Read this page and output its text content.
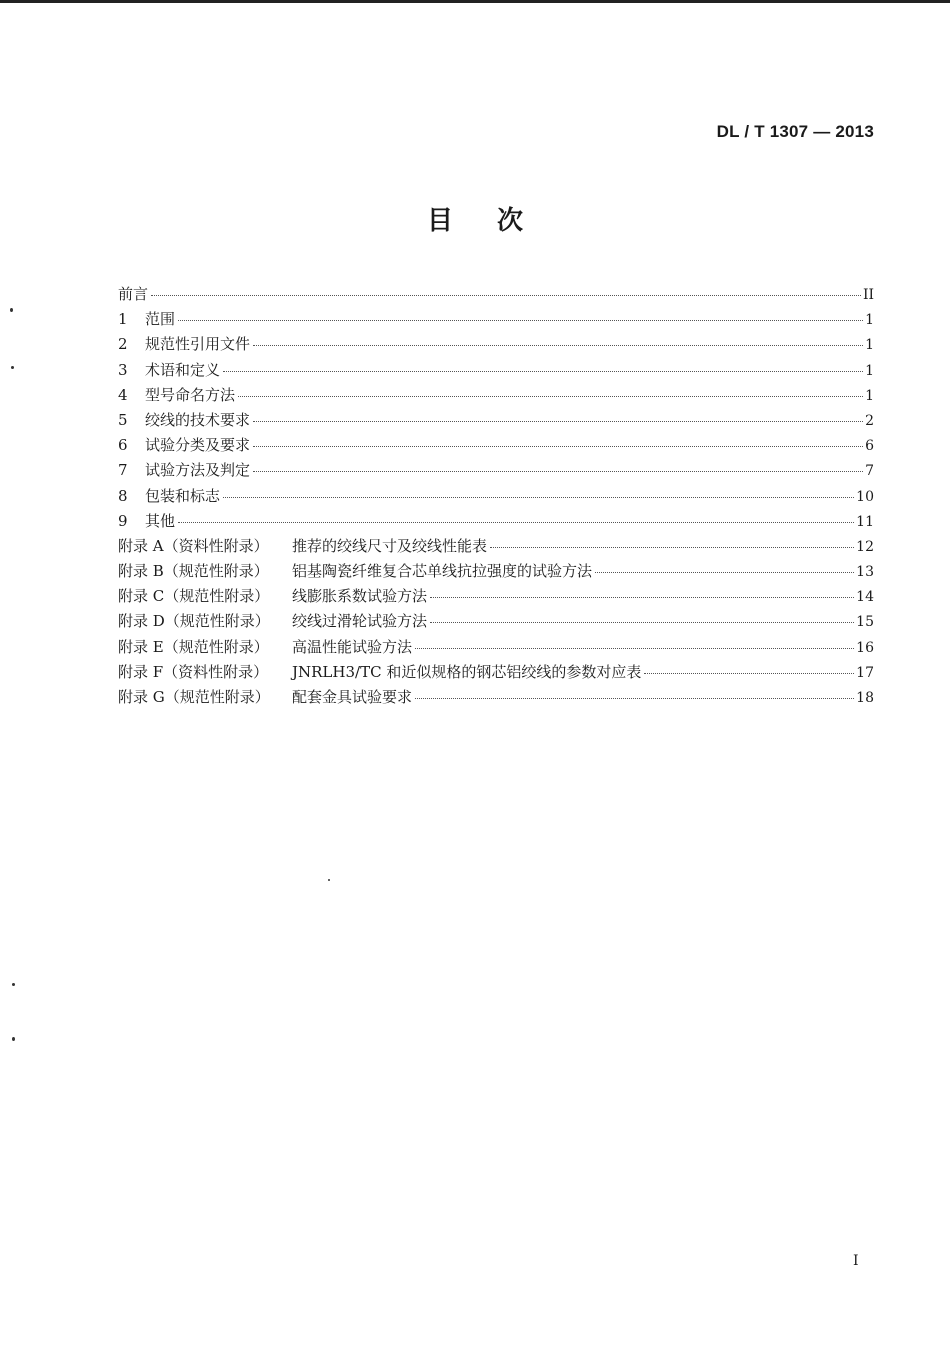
DL / T 1307 — 2013
目次
前言	II
1	范围	1
2	规范性引用文件	1
3	术语和定义	1
4	型号命名方法	1
5	绞线的技术要求	2
6	试验分类及要求	6
7	试验方法及判定	7
8	包装和标志	10
9	其他	11
附录 A（资料性附录）	推荐的绞线尺寸及绞线性能表	12
附录 B（规范性附录）	铝基陶瓷纤维复合芯单线抗拉强度的试验方法	13
附录 C（规范性附录）	线膨胀系数试验方法	14
附录 D（规范性附录）	绞线过滑轮试验方法	15
附录 E（规范性附录）	高温性能试验方法	16
附录 F（资料性附录）	JNRLH3/TC 和近似规格的钢芯铝绞线的参数对应表	17
附录 G（规范性附录）	配套金具试验要求	18
I
